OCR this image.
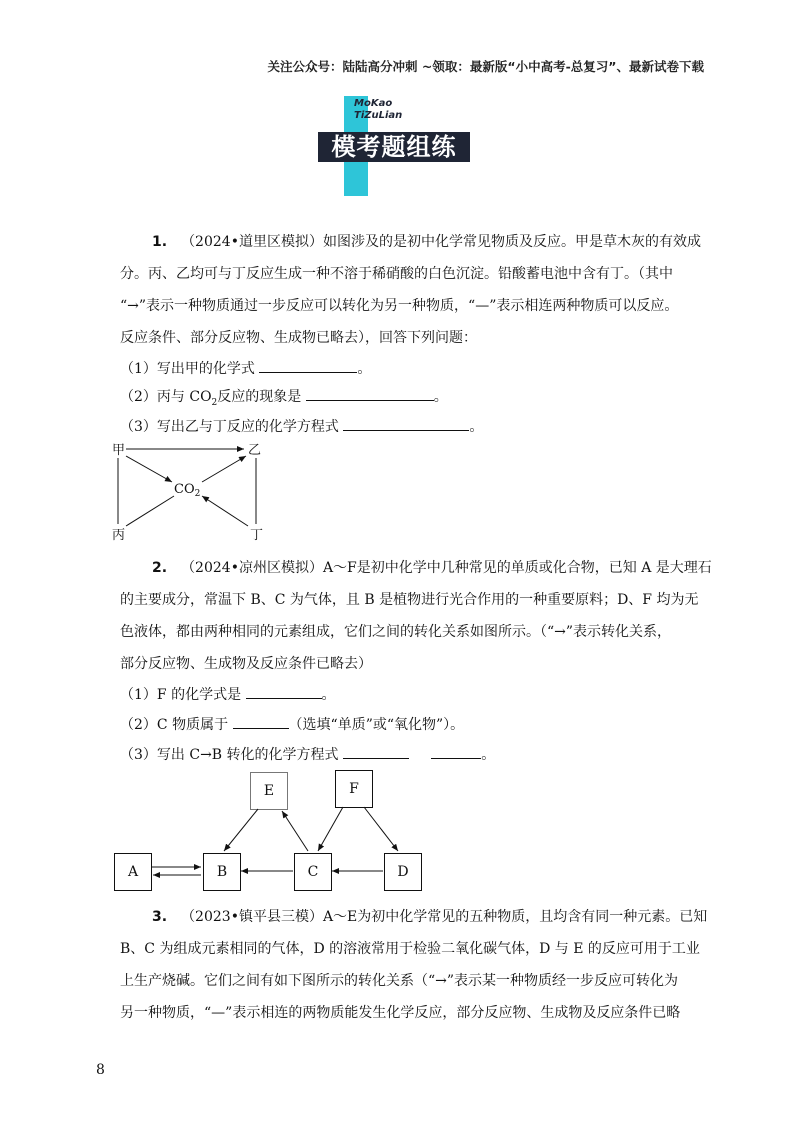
关注公众号：陆陆高分冲刺 ~领取：最新版“小中高考-总复习”、最新试卷下载
MoKao
TiZuLian
模考题组练
1. （2024•道里区模拟）如图涉及的是初中化学常见物质及反应。甲是草木灰的有效成
分。丙、乙均可与丁反应生成一种不溶于稀硝酸的白色沉淀。铅酸蓄电池中含有丁。（其中
“→”表示一种物质通过一步反应可以转化为另一种物质，“—”表示相连两种物质可以反应。
反应条件、部分反应物、生成物已略去），回答下列问题：
（1）写出甲的化学式	。
（2）丙与 $CO_2$反应的现象是	。
（3）写出乙与丁反应的化学方程式	。
甲	乙
丙	丁
$CO_2$
2. （2024•凉州区模拟）A～F是初中化学中几种常见的单质或化合物，已知 A 是大理石
的主要成分，常温下 B、C 为气体，且 B 是植物进行光合作用的一种重要原料；D、F 均为无
色液体，都由两种相同的元素组成，它们之间的转化关系如图所示。（“→”表示转化关系，
部分反应物、生成物及反应条件已略去）
（1）F 的化学式是	。
（2）C 物质属于	（选填“单质”或“氧化物”）。
（3）写出 C→B 转化的化学方程式	。
E	F
A	B	C	D
3. （2023•镇平县三模）A～E为初中化学常见的五种物质，且均含有同一种元素。已知
B、C 为组成元素相同的气体，D 的溶液常用于检验二氧化碳气体，D 与 E 的反应可用于工业
上生产烧碱。它们之间有如下图所示的转化关系（“→”表示某一种物质经一步反应可转化为
另一种物质，“—”表示相连的两物质能发生化学反应，部分反应物、生成物及反应条件已略
8
